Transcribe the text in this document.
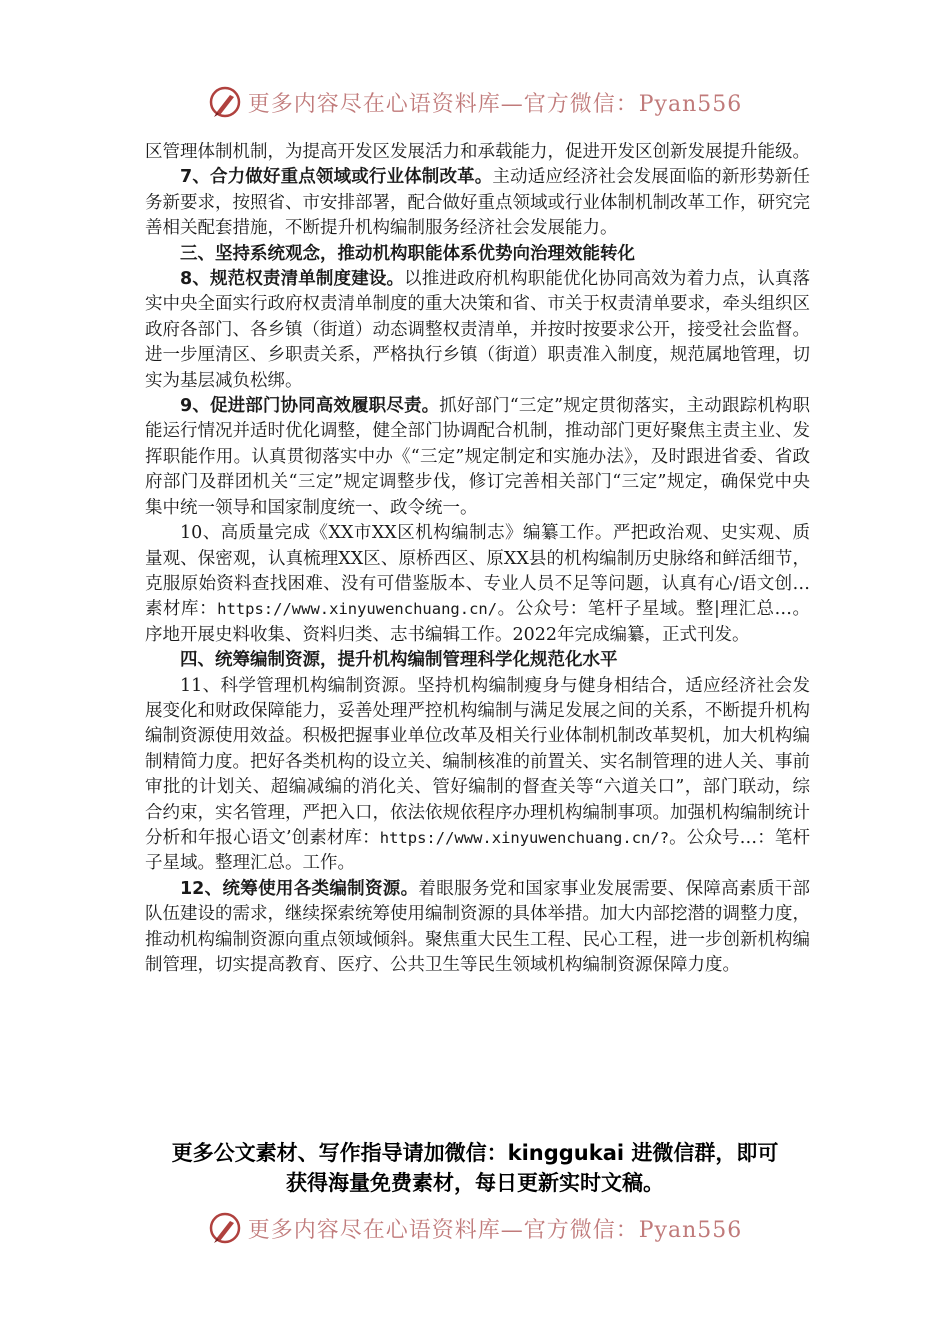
更多内容尽在心语资料库—官方微信：Pyan556

区管理体制机制，为提高开发区发展活力和承载能力，促进开发区创新发展提升能级。

7、合力做好重点领域或行业体制改革。主动适应经济社会发展面临的新形势新任务新要求，按照省、市安排部署，配合做好重点领域或行业体制机制改革工作，研究完善相关配套措施，不断提升机构编制服务经济社会发展能力。

三、坚持系统观念，推动机构职能体系优势向治理效能转化

8、规范权责清单制度建设。以推进政府机构职能优化协同高效为着力点，认真落实中央全面实行政府权责清单制度的重大决策和省、市关于权责清单要求，牵头组织区政府各部门、各乡镇（街道）动态调整权责清单，并按时按要求公开，接受社会监督。进一步厘清区、乡职责关系，严格执行乡镇（街道）职责准入制度，规范属地管理，切实为基层减负松绑。

9、促进部门协同高效履职尽责。抓好部门“三定”规定贯彻落实，主动跟踪机构职能运行情况并适时优化调整，健全部门协调配合机制，推动部门更好聚焦主责主业、发挥职能作用。认真贯彻落实中办《“三定”规定制定和实施办法》，及时跟进省委、省政府部门及群团机关“三定”规定调整步伐，修订完善相关部门“三定”规定，确保党中央集中统一领导和国家制度统一、政令统一。

10、高质量完成《XX市XX区机构编制志》编纂工作。严把政治观、史实观、质量观、保密观，认真梳理XX区、原桥西区、原XX县的机构编制历史脉络和鲜活细节，克服原始资料查找困难、没有可借鉴版本、专业人员不足等问题，认真有心/语文创…素材库：https://www.xinyuwenchuang.cn/。公众号：笔杆子星域。整|理汇总…。序地开展史料收集、资料归类、志书编辑工作。2022年完成编纂，正式刊发。

四、统筹编制资源，提升机构编制管理科学化规范化水平

11、科学管理机构编制资源。坚持机构编制瘦身与健身相结合，适应经济社会发展变化和财政保障能力，妥善处理严控机构编制与满足发展之间的关系，不断提升机构编制资源使用效益。积极把握事业单位改革及相关行业体制机制改革契机，加大机构编制精简力度。把好各类机构的设立关、编制核准的前置关、实名制管理的进人关、事前审批的计划关、超编减编的消化关、管好编制的督查关等“六道关口”，部门联动，综合约束，实名管理，严把入口，依法依规依程序办理机构编制事项。加强机构编制统计分析和年报心语文’创素材库：https://www.xinyuwenchuang.cn/?。公众号…：笔杆子星域。整理汇总。工作。

12、统筹使用各类编制资源。着眼服务党和国家事业发展需要、保障高素质干部队伍建设的需求，继续探索统筹使用编制资源的具体举措。加大内部挖潜的调整力度，推动机构编制资源向重点领域倾斜。聚焦重大民生工程、民心工程，进一步创新机构编制管理，切实提高教育、医疗、公共卫生等民生领域机构编制资源保障力度。

更多公文素材、写作指导请加微信：kinggukai 进微信群，即可
获得海量免费素材，每日更新实时文稿。
更多内容尽在心语资料库—官方微信：Pyan556
